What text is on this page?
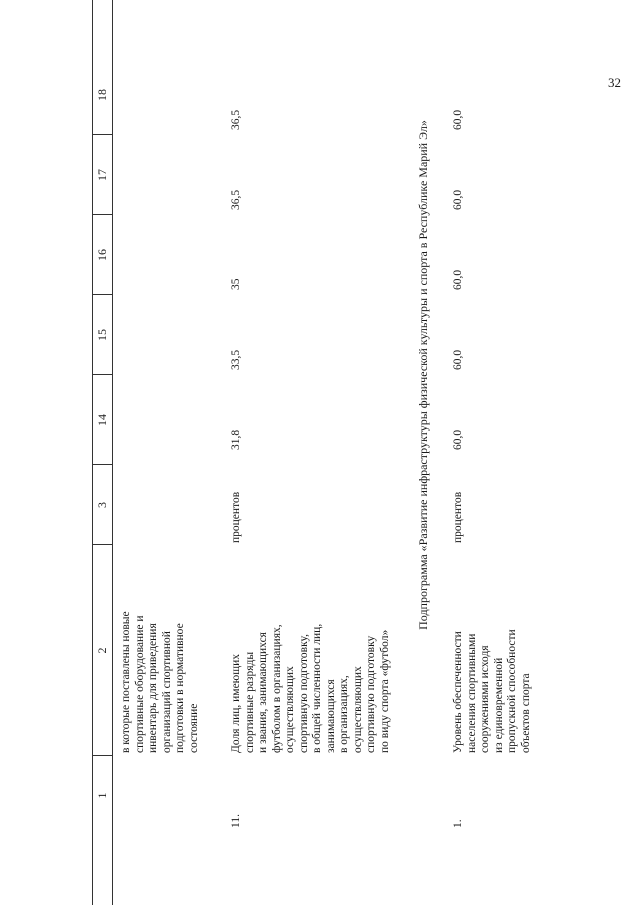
32
1
2
3
14
15
16
17
18
в которые поставлены новые спортивные оборудование и инвентарь для приведения организаций спортивной подготовки в нормативное состояние
11.
Доля лиц, имеющих спортивные разряды и звания, занимающихся футболом в организациях, осуществляющих спортивную подготовку, в общей численности лиц, занимающихся в организациях, осуществляющих спортивную подготовку по виду спорта «футбол»
процентов
31,8
33,5
35
36,5
36,5
Подпрограмма «Развитие инфраструктуры физической культуры и спорта в Республике Марий Эл»
1.
Уровень обеспеченности населения спортивными сооружениями исходя из единовременной пропускной способности объектов спорта
процентов
60,0
60,0
60,0
60,0
60,0
